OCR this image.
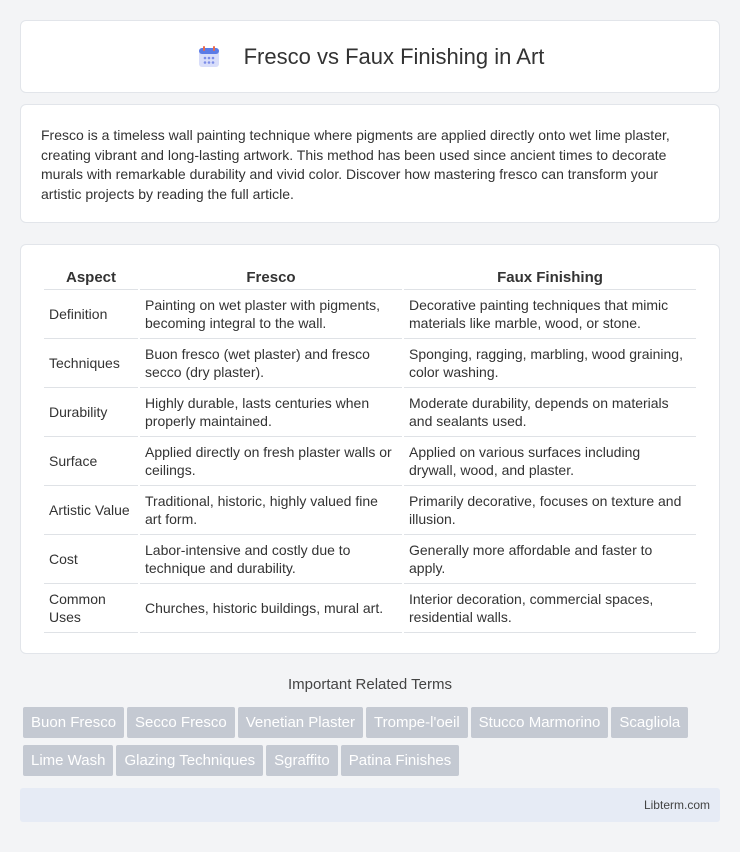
Fresco vs Faux Finishing in Art

Fresco is a timeless wall painting technique where pigments are applied directly onto wet lime plaster, creating vibrant and long-lasting artwork. This method has been used since ancient times to decorate murals with remarkable durability and vivid color. Discover how mastering fresco can transform your artistic projects by reading the full article.

Aspect	Fresco	Faux Finishing
Definition	Painting on wet plaster with pigments, becoming integral to the wall.	Decorative painting techniques that mimic materials like marble, wood, or stone.
Techniques	Buon fresco (wet plaster) and fresco secco (dry plaster).	Sponging, ragging, marbling, wood graining, color washing.
Durability	Highly durable, lasts centuries when properly maintained.	Moderate durability, depends on materials and sealants used.
Surface	Applied directly on fresh plaster walls or ceilings.	Applied on various surfaces including drywall, wood, and plaster.
Artistic Value	Traditional, historic, highly valued fine art form.	Primarily decorative, focuses on texture and illusion.
Cost	Labor-intensive and costly due to technique and durability.	Generally more affordable and faster to apply.
Common Uses	Churches, historic buildings, mural art.	Interior decoration, commercial spaces, residential walls.
Important Related Terms
Buon Fresco Secco Fresco Venetian Plaster Trompe-l'oeil Stucco Marmorino ScagliolaLime Wash Glazing Techniques Sgraffito Patina Finishes
Libterm.com
